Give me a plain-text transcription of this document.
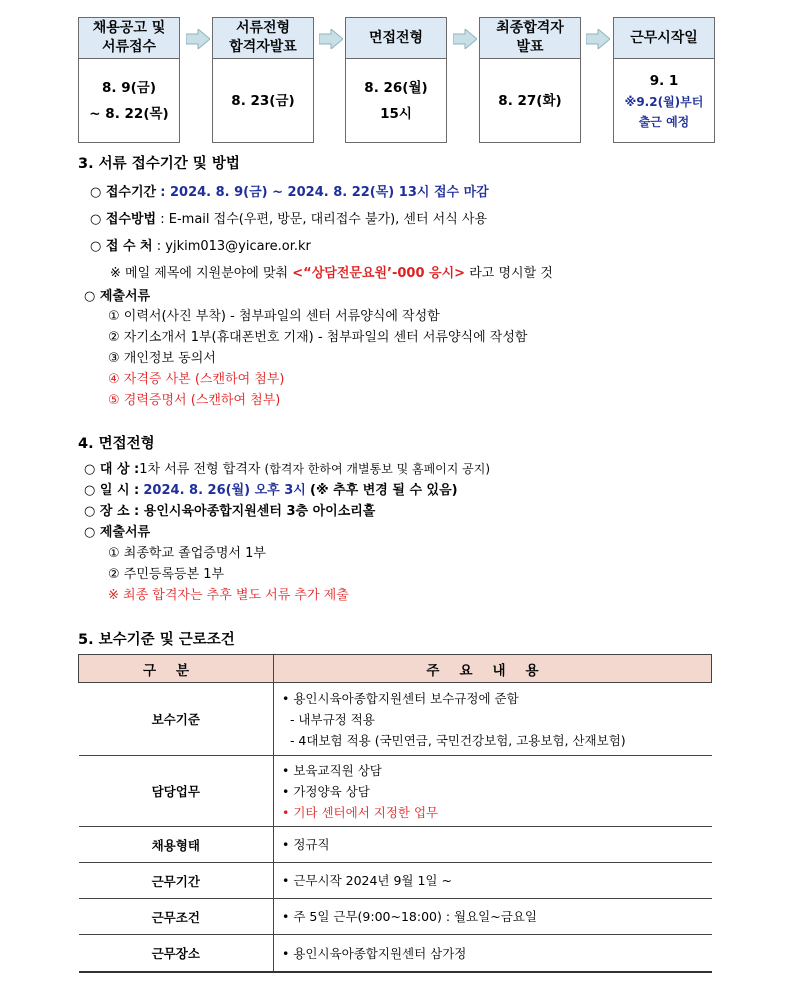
채용공고 및
서류접수
8. 9(금)
~ 8. 22(목)
서류전형
합격자발표
8. 23(금)
면접전형
8. 26(월)
15시
최종합격자
발표
8. 27(화)
근무시작일
9. 1
※9.2(월)부터
출근 예정
3. 서류 접수기간 및 방법
○ 접수기간 : 2024. 8. 9(금) ~ 2024. 8. 22(목) 13시 접수 마감
○ 접수방법 : E-mail 접수(우편, 방문, 대리접수 불가), 센터 서식 사용
○ 접 수 처 : yjkim013@yicare.or.kr
※ 메일 제목에 지원분야에 맞춰 <“상담전문요원’-000 응시> 라고 명시할 것
○ 제출서류
① 이력서(사진 부착) - 첨부파일의 센터 서류양식에 작성함
② 자기소개서 1부(휴대폰번호 기재) - 첨부파일의 센터 서류양식에 작성함
③ 개인정보 동의서
④ 자격증 사본 (스캔하여 첨부)
⑤ 경력증명서 (스캔하여 첨부)
4. 면접전형
○ 대 상 :1차 서류 전형 합격자 (합격자 한하여 개별통보 및 홈페이지 공지)
○ 일 시 : 2024. 8. 26(월) 오후 3시 (※ 추후 변경 될 수 있음)
○ 장 소 : 용인시육아종합지원센터 3층 아이소리홀
○ 제출서류
① 최종학교 졸업증명서 1부
② 주민등록등본 1부
※ 최종 합격자는 추후 별도 서류 추가 제출
5. 보수기준 및 근로조건
구분	주요내용
보수기준	• 용인시육아종합지원센터 보수규정에 준함
- 내부규정 적용
- 4대보험 적용 (국민연금, 국민건강보험, 고용보험, 산재보험)

담당업무	• 보육교직원 상담
• 가정양육 상담
• 기타 센터에서 지정한 업무

채용형태	• 정규직
근무기간	• 근무시작 2024년 9월 1일 ~
근무조건	• 주 5일 근무(9:00~18:00) : 월요일~금요일
근무장소	• 용인시육아종합지원센터 삼가정
